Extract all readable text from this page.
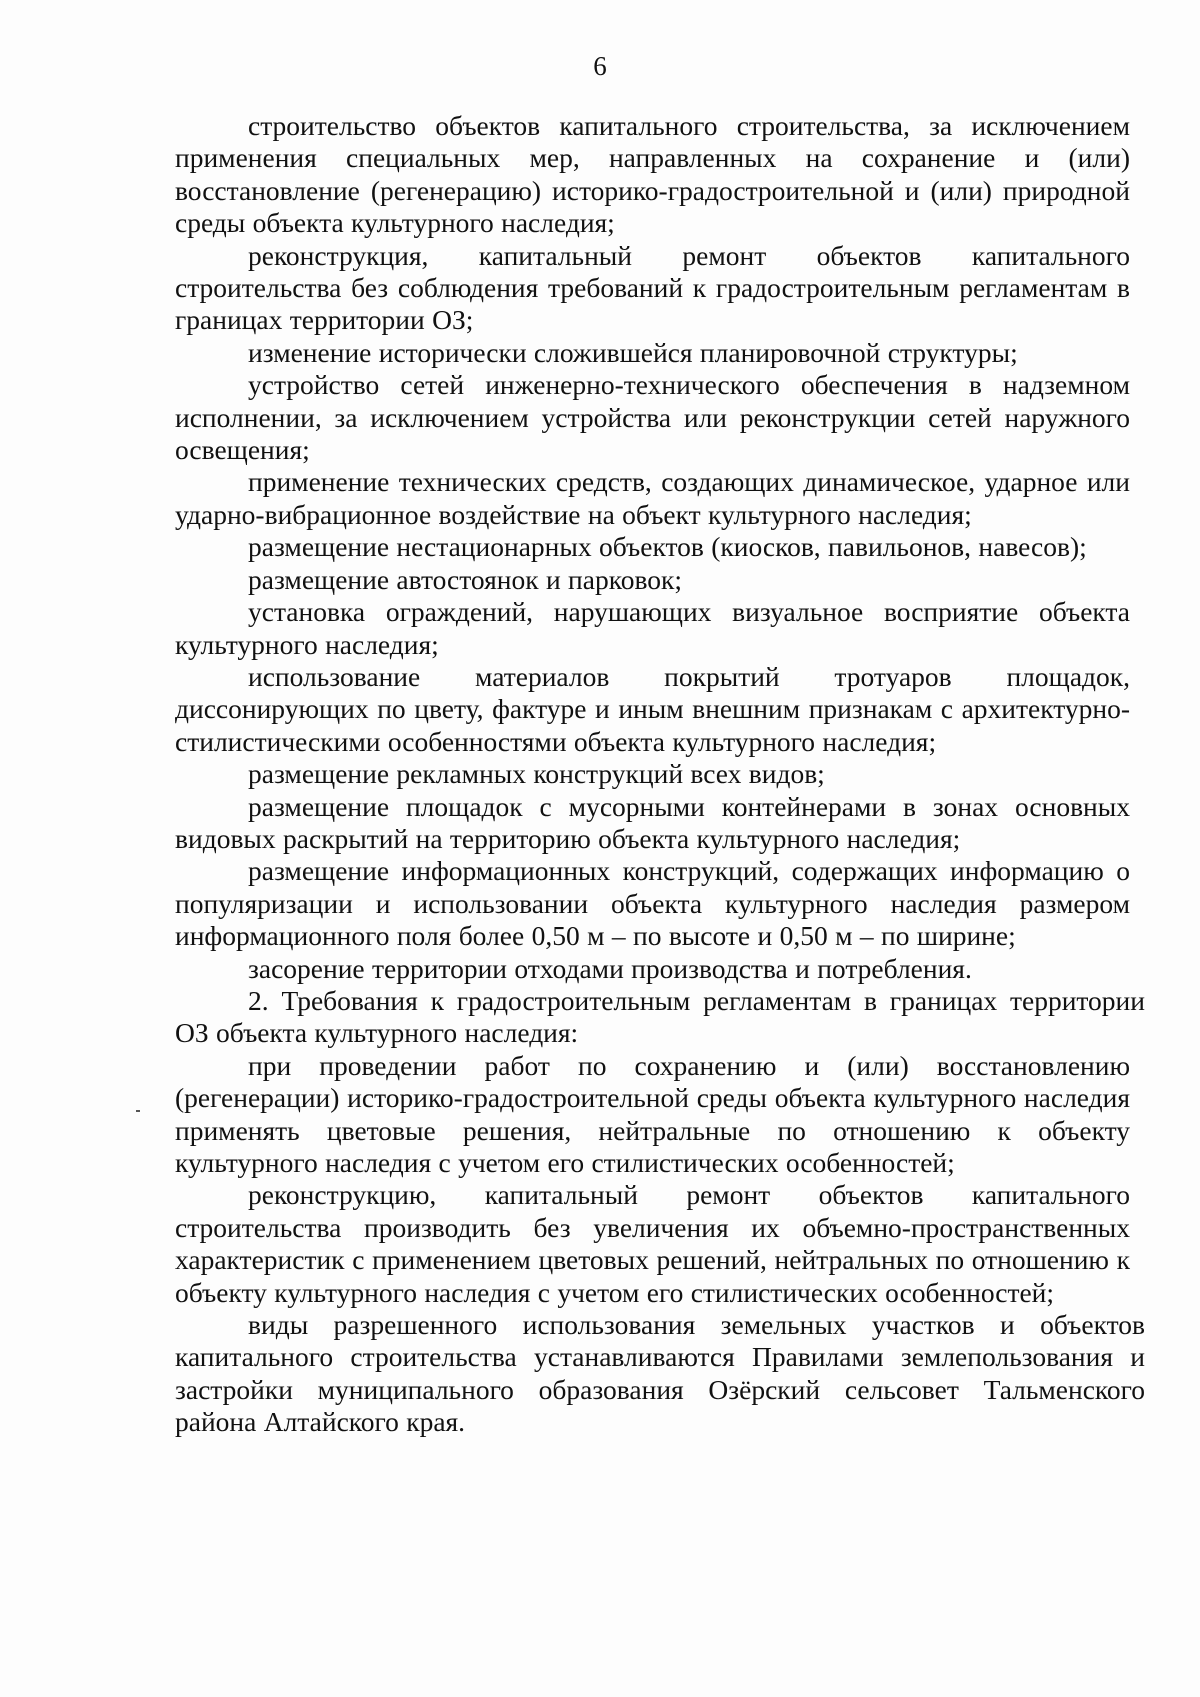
6

строительство объектов капитального строительства, за исключением применения специальных мер, направленных на сохранение и (или) восстановление (регенерацию) историко-градостроительной и (или) природной среды объекта культурного наследия;

реконструкция, капитальный ремонт объектов капитального строительства без соблюдения требований к градостроительным регламентам в границах территории ОЗ;

изменение исторически сложившейся планировочной структуры;

устройство сетей инженерно-технического обеспечения в надземном исполнении, за исключением устройства или реконструкции сетей наружного освещения;

применение технических средств, создающих динамическое, ударное или ударно-вибрационное воздействие на объект культурного наследия;

размещение нестационарных объектов (киосков, павильонов, навесов);

размещение автостоянок и парковок;

установка ограждений, нарушающих визуальное восприятие объекта культурного наследия;

использование материалов покрытий тротуаров площадок, диссонирующих по цвету, фактуре и иным внешним признакам с архитектурно-стилистическими особенностями объекта культурного наследия;

размещение рекламных конструкций всех видов;

размещение площадок с мусорными контейнерами в зонах основных видовых раскрытий на территорию объекта культурного наследия;

размещение информационных конструкций, содержащих информацию о популяризации и использовании объекта культурного наследия размером информационного поля более 0,50 м – по высоте и 0,50 м – по ширине;

засорение территории отходами производства и потребления.

2. Требования к градостроительным регламентам в границах территории ОЗ объекта культурного наследия:

при проведении работ по сохранению и (или) восстановлению (регенерации) историко-градостроительной среды объекта культурного наследия применять цветовые решения, нейтральные по отношению к объекту культурного наследия с учетом его стилистических особенностей;

реконструкцию, капитальный ремонт объектов капитального строительства производить без увеличения их объемно-пространственных характеристик с применением цветовых решений, нейтральных по отношению к объекту культурного наследия с учетом его стилистических особенностей;

виды разрешенного использования земельных участков и объектов капитального строительства устанавливаются Правилами землепользования и застройки муниципального образования Озёрский сельсовет Тальменского района Алтайского края.
